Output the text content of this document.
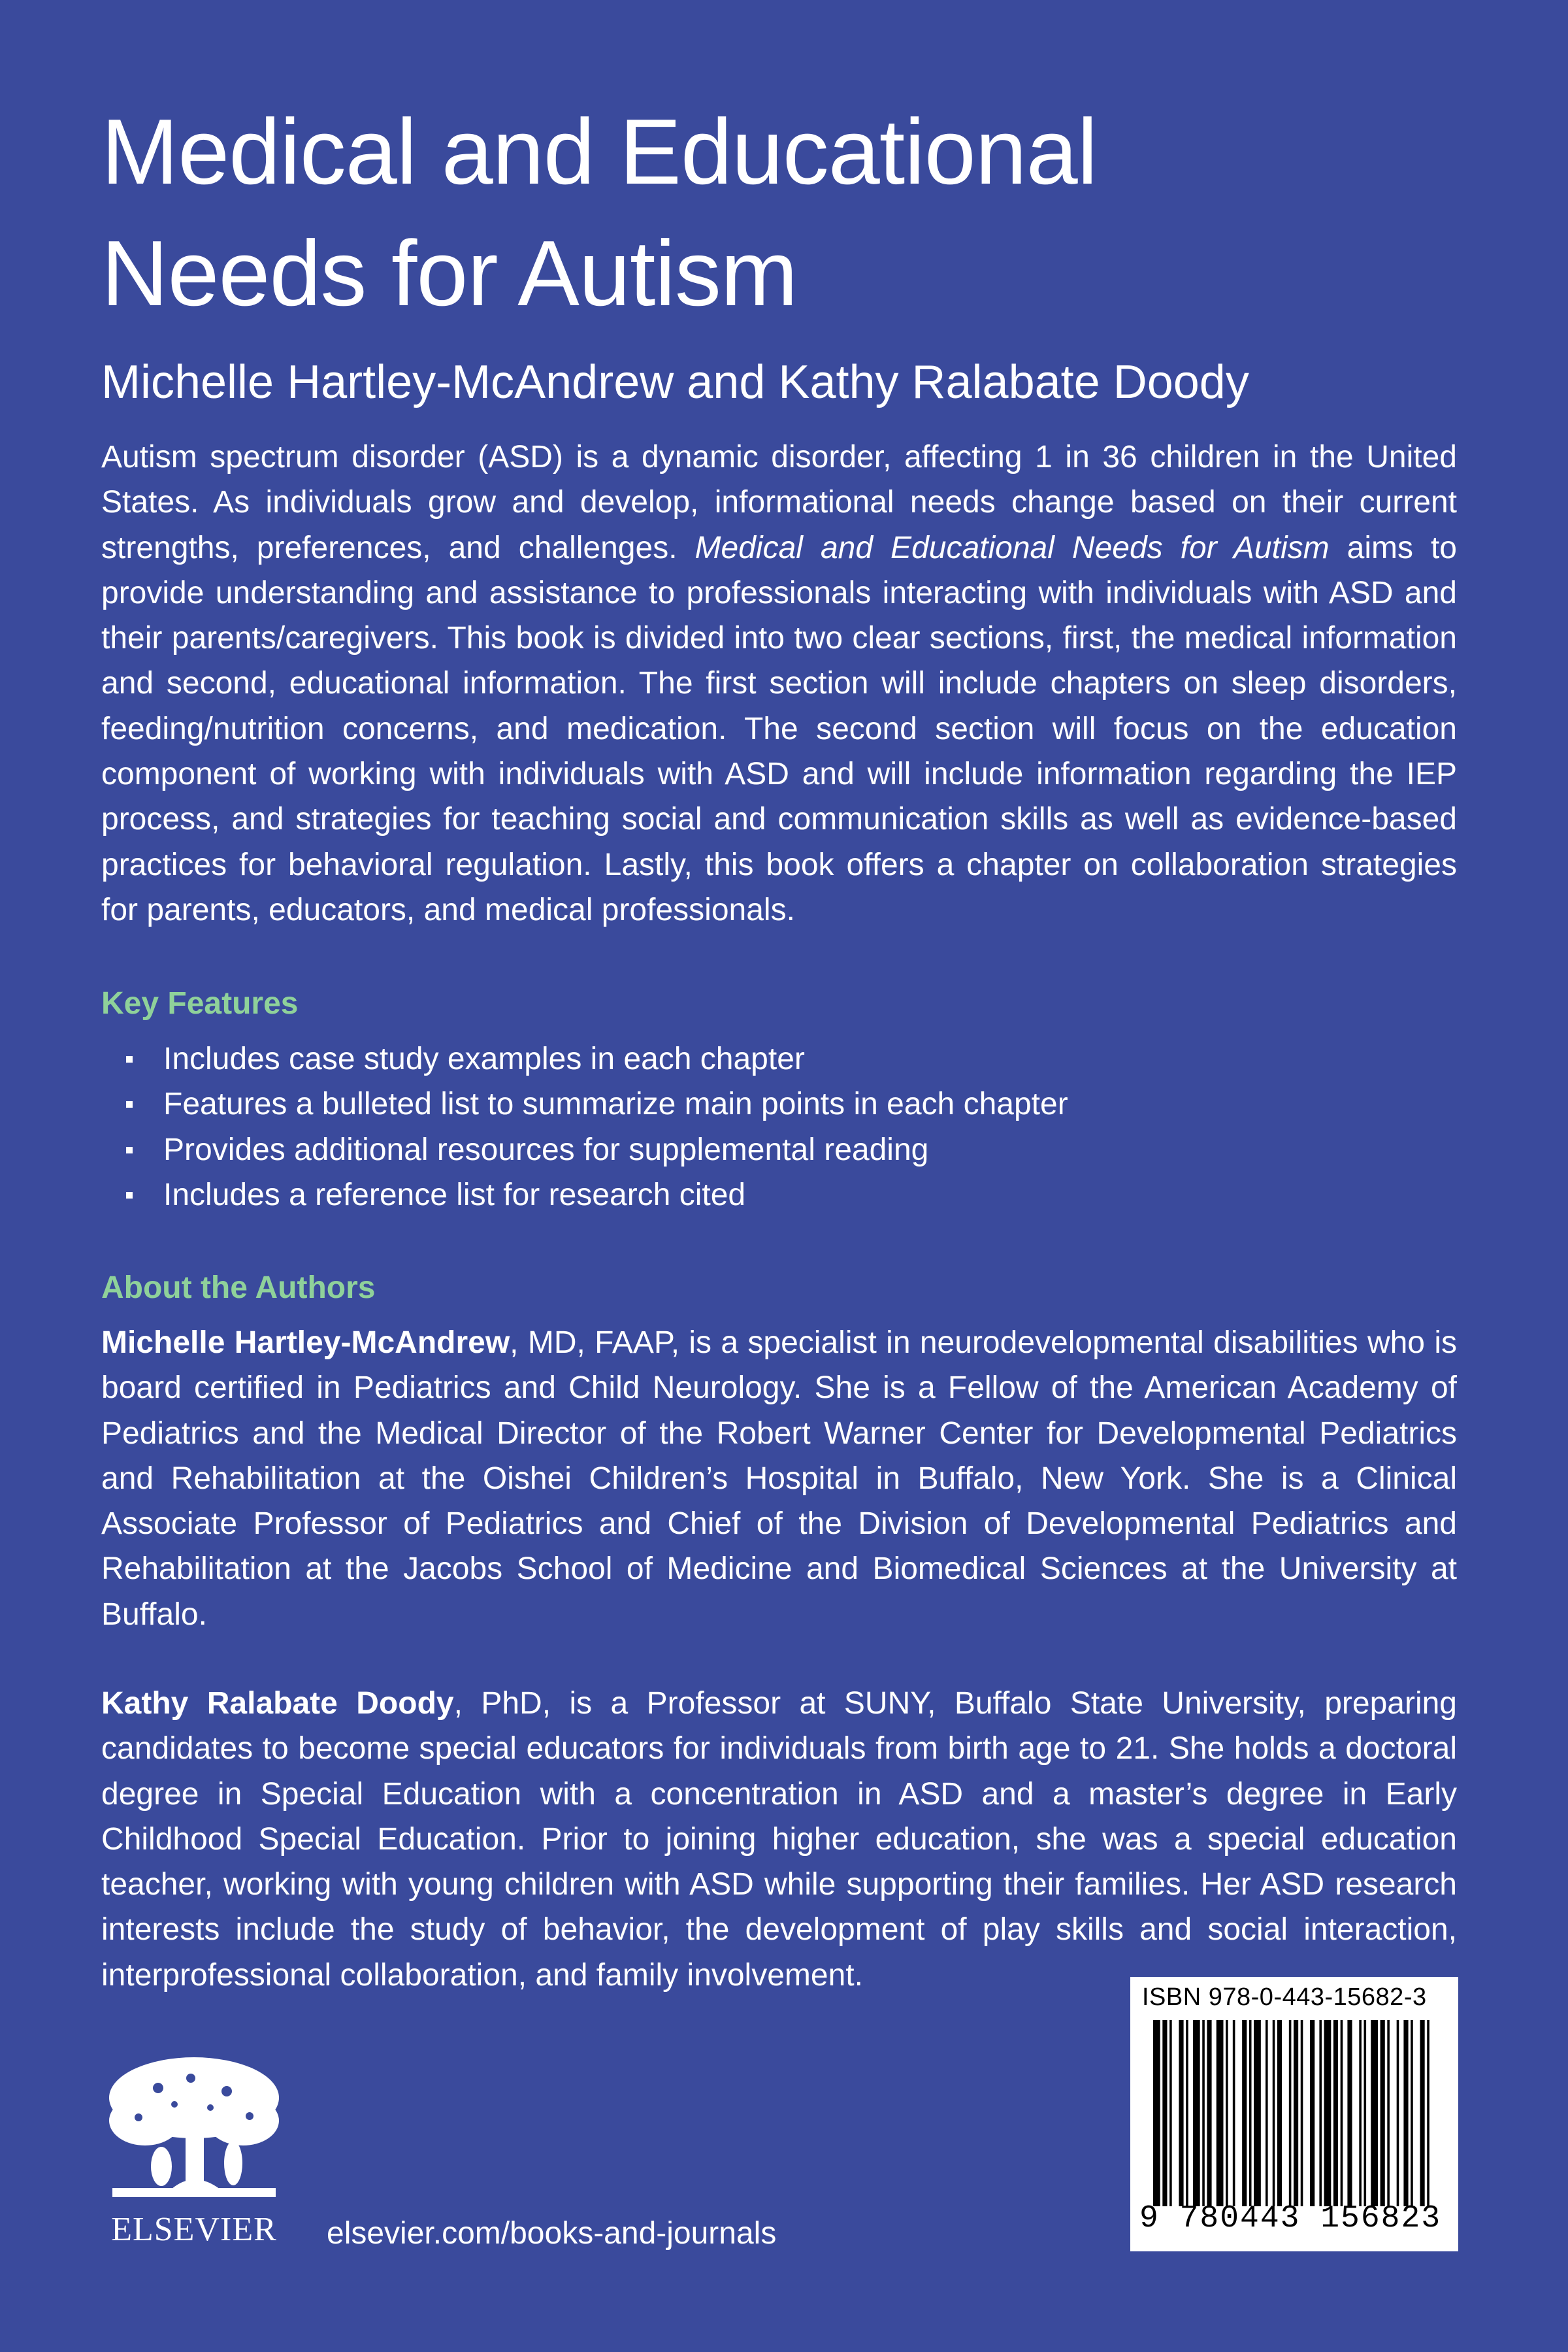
Medical and Educational
Needs for Autism

Michelle Hartley-McAndrew and Kathy Ralabate Doody

Autism spectrum disorder (ASD) is a dynamic disorder, affecting 1 in 36 children in the United States. As individuals grow and develop, informational needs change based on their current strengths, preferences, and challenges. Medical and Educational Needs for Autism aims to provide understanding and assistance to professionals interacting with individuals with ASD and their parents/caregivers. This book is divided into two clear sections, first, the medical information and second, educational information. The first section will include chapters on sleep disorders, feeding/nutrition concerns, and medication. The second section will focus on the education component of working with individuals with ASD and will include information regarding the IEP process, and strategies for teaching social and communication skills as well as evidence-based practices for behavioral regulation. Lastly, this book offers a chapter on collaboration strategies for parents, educators, and medical professionals.

Key Features
Includes case study examples in each chapter
Features a bulleted list to summarize main points in each chapter
Provides additional resources for supplemental reading
Includes a reference list for research cited
About the Authors

Michelle Hartley-McAndrew, MD, FAAP, is a specialist in neurodevelopmental disabilities who is board certified in Pediatrics and Child Neurology. She is a Fellow of the American Academy of Pediatrics and the Medical Director of the Robert Warner Center for Developmental Pediatrics and Rehabilitation at the Oishei Children’s Hospital in Buffalo, New York. She is a Clinical Associate Professor of Pediatrics and Chief of the Division of Developmental Pediatrics and Rehabilitation at the Jacobs School of Medicine and Biomedical Sciences at the University at Buffalo.

Kathy Ralabate Doody, PhD, is a Professor at SUNY, Buffalo State University, preparing candidates to become special educators for individuals from birth age to 21. She holds a doctoral degree in Special Education with a concentration in ASD and a master’s degree in Early Childhood Special Education. Prior to joining higher education, she was a special education teacher, working with young children with ASD while supporting their families. Her ASD research interests include the study of behavior, the development of play skills and social interaction, interprofessional collaboration, and family involvement.

ISBN 978-0-443-15682-3
9 780443 156823
ELSEVIER	elsevier.com/books-and-journals
